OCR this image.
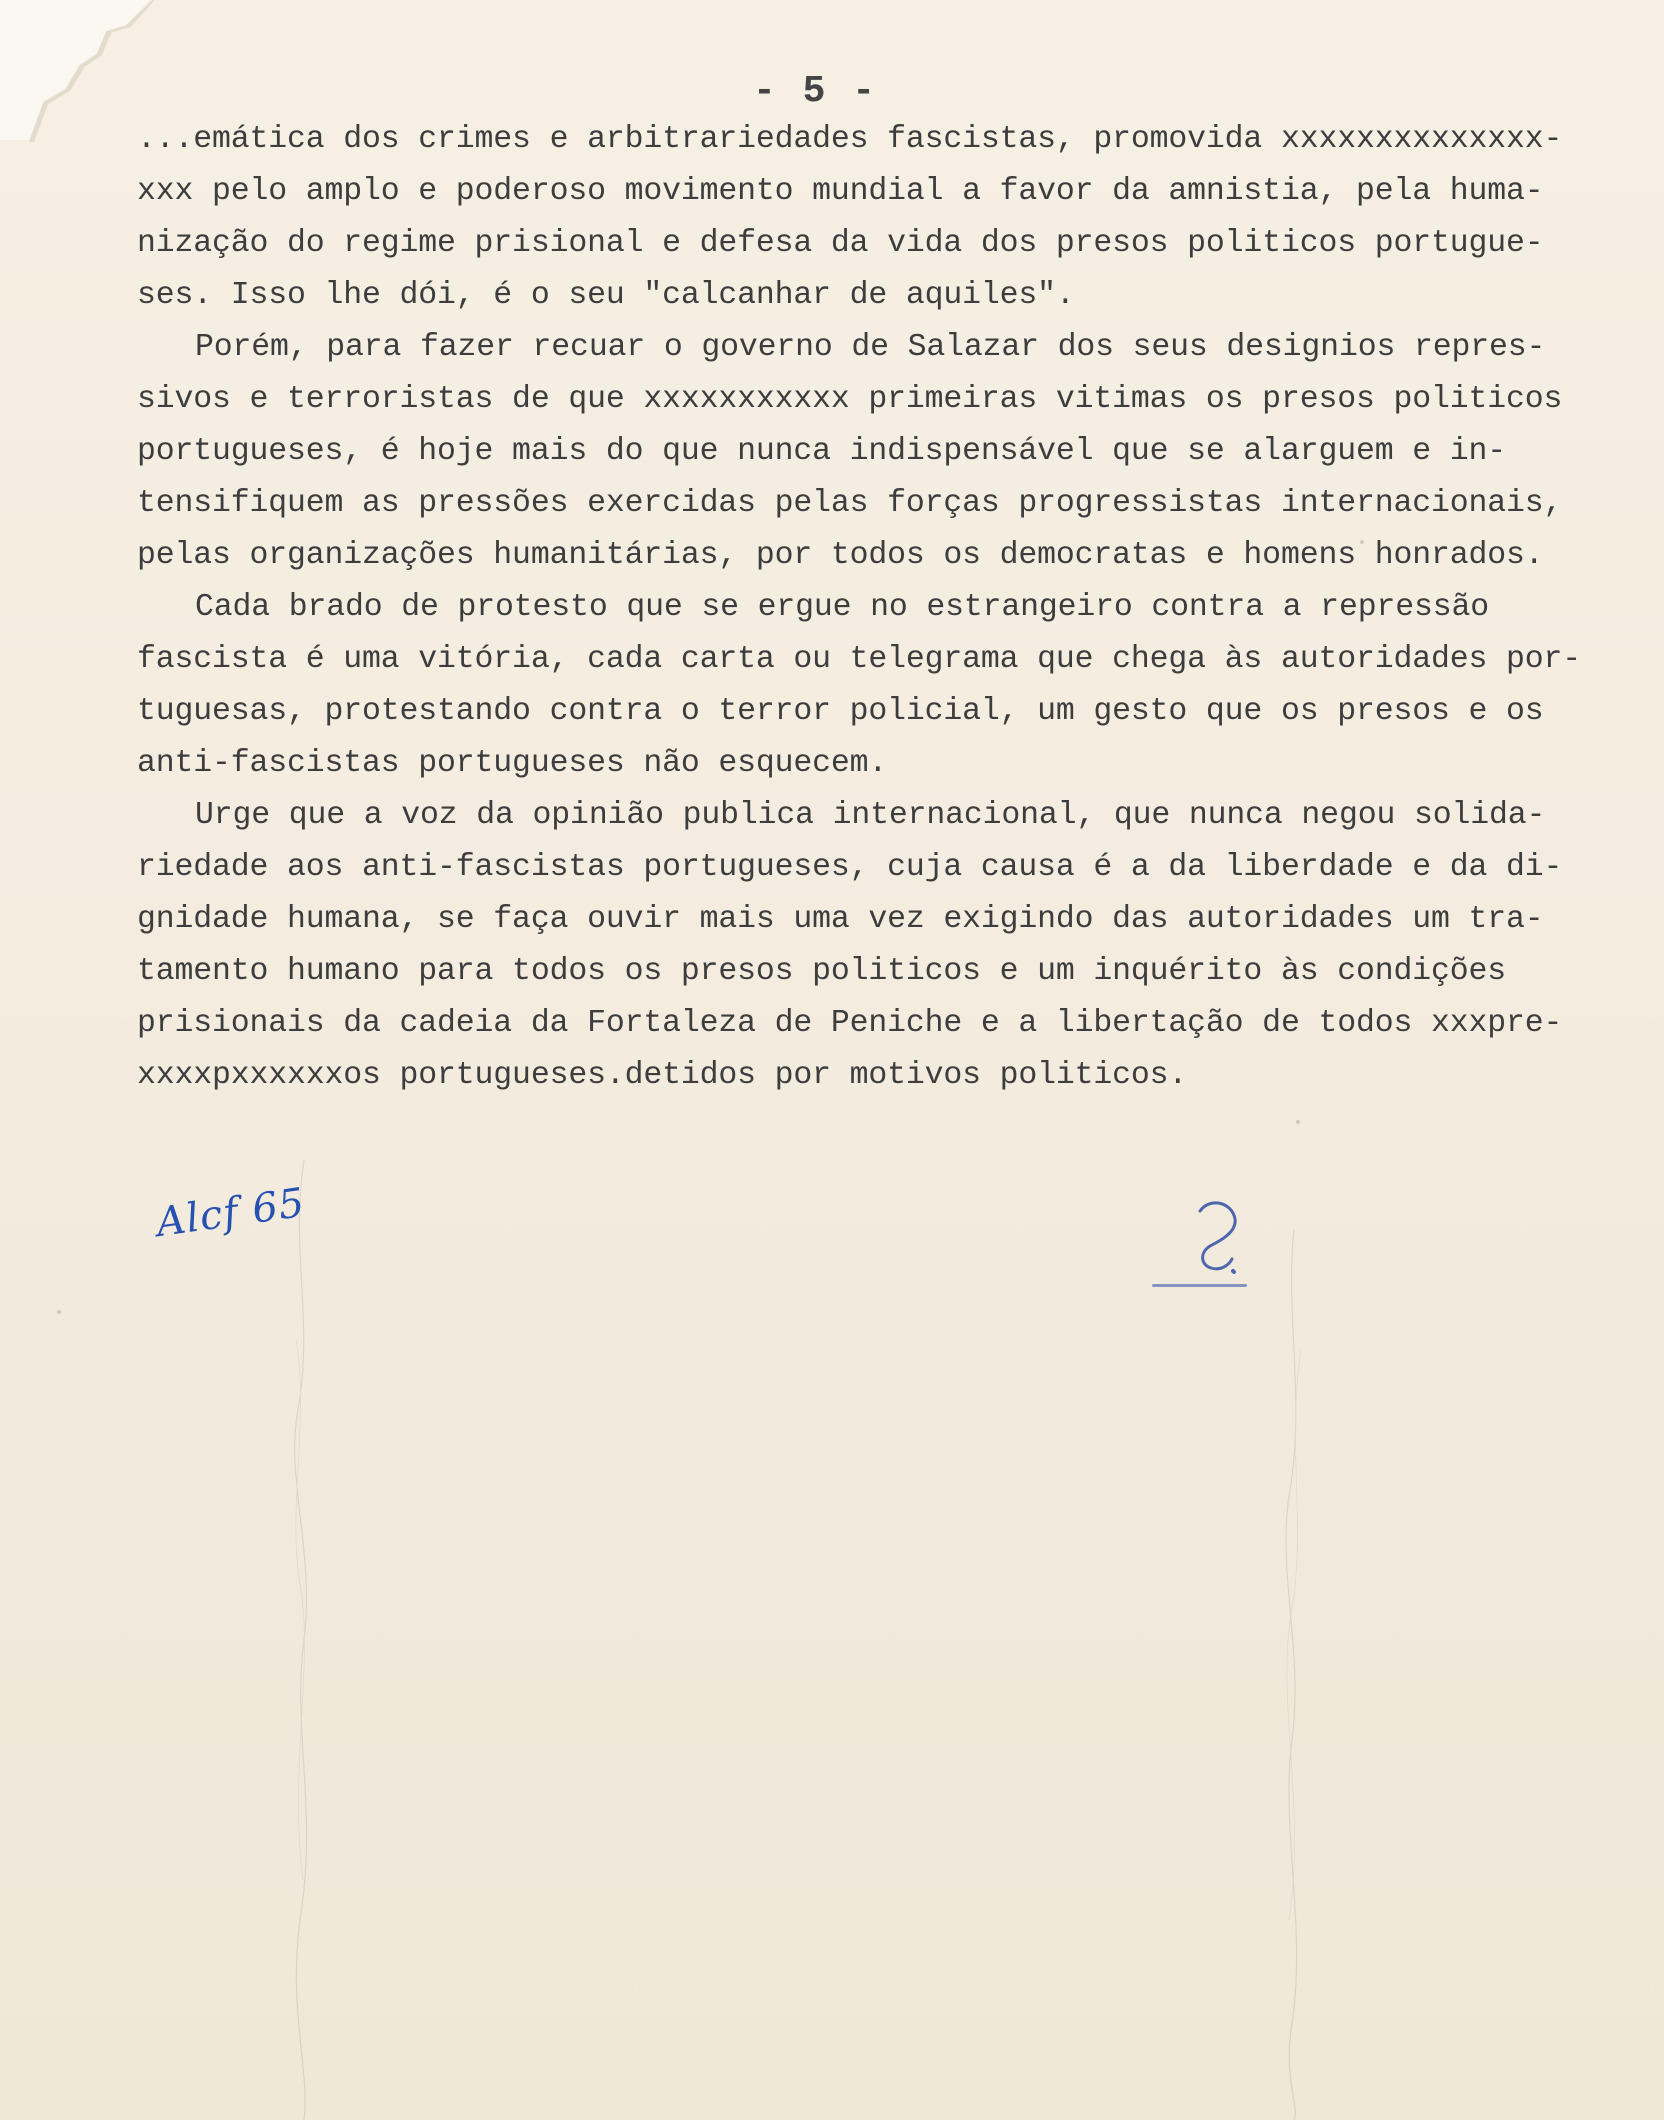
- 5 -
...emática dos crimes e arbitrariedades fascistas, promovida xxxxxxxxxxxxxx-
xxx pelo amplo e poderoso movimento mundial a favor da amnistia, pela huma-
nização do regime prisional e defesa da vida dos presos politicos portugue-
ses. Isso lhe dói, é o seu "calcanhar de aquiles".
Porém, para fazer recuar o governo de Salazar dos seus designios repres-
sivos e terroristas de que xxxxxxxxxxx primeiras vitimas os presos politicos
portugueses, é hoje mais do que nunca indispensável que se alarguem e in-
tensifiquem as pressões exercidas pelas forças progressistas internacionais,
pelas organizações humanitárias, por todos os democratas e homens honrados.
Cada brado de protesto que se ergue no estrangeiro contra a repressão
fascista é uma vitória, cada carta ou telegrama que chega às autoridades por-
tuguesas, protestando contra o terror policial, um gesto que os presos e os
anti-fascistas portugueses não esquecem.
Urge que a voz da opinião publica internacional, que nunca negou solida-
riedade aos anti-fascistas portugueses, cuja causa é a da liberdade e da di-
gnidade humana, se faça ouvir mais uma vez exigindo das autoridades um tra-
tamento humano para todos os presos politicos e um inquérito às condições
prisionais da cadeia da Fortaleza de Peniche e a libertação de todos xxxpre-
xxxxpxxxxxxos portugueses.detidos por motivos politicos.
Alcf 65
